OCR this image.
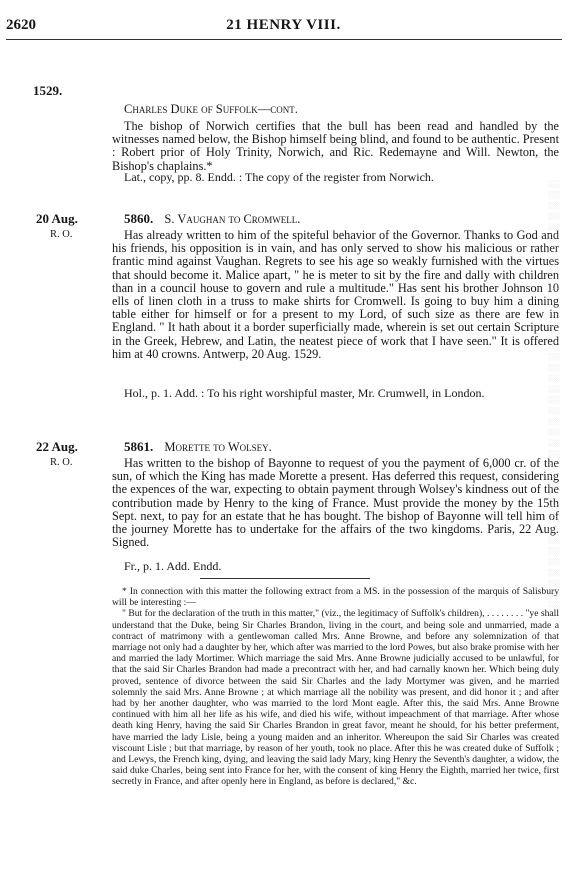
2620	21 HENRY VIII.
1529.
Charles Duke of Suffolk—cont.
The bishop of Norwich certifies that the bull has been read and handled by the witnesses named below, the Bishop himself being blind, and found to be authentic. Present : Robert prior of Holy Trinity, Norwich, and Ric. Redemayne and Will. Newton, the Bishop's chaplains.*
Lat., copy, pp. 8. Endd. : The copy of the register from Norwich.
20 Aug.
R. O.
5860. S. Vaughan to Cromwell.
Has already written to him of the spiteful behavior of the Governor. Thanks to God and his friends, his opposition is in vain, and has only served to show his malicious or rather frantic mind against Vaughan. Regrets to see his age so weakly furnished with the virtues that should become it. Malice apart, " he is meter to sit by the fire and dally with children than in a council house to govern and rule a multitude." Has sent his brother Johnson 10 ells of linen cloth in a truss to make shirts for Cromwell. Is going to buy him a dining table either for himself or for a present to my Lord, of such size as there are few in England. " It hath about it a border superficially made, wherein is set out certain Scripture in the Greek, Hebrew, and Latin, the neatest piece of work that I have seen." It is offered him at 40 crowns. Antwerp, 20 Aug. 1529.
Hol., p. 1. Add. : To his right worshipful master, Mr. Crumwell, in London.
22 Aug.
R. O.
5861. Morette to Wolsey.
Has written to the bishop of Bayonne to request of you the payment of 6,000 cr. of the sun, of which the King has made Morette a present. Has deferred this request, considering the expences of the war, expecting to obtain payment through Wolsey's kindness out of the contribution made by Henry to the king of France. Must provide the money by the 15th Sept. next, to pay for an estate that he has bought. The bishop of Bayonne will tell him of the journey Morette has to undertake for the affairs of the two kingdoms. Paris, 22 Aug. Signed.
Fr., p. 1. Add. Endd.

* In connection with this matter the following extract from a MS. in the possession of the marquis of Salisbury will be interesting :—

" But for the declaration of the truth in this matter," (viz., the legitimacy of Suffolk's children), . . . . . . . . "ye shall understand that the Duke, being Sir Charles Brandon, living in the court, and being sole and unmarried, made a contract of matrimony with a gentlewoman called Mrs. Anne Browne, and before any solemnization of that marriage not only had a daughter by her, which after was married to the lord Powes, but also brake promise with her and married the lady Mortimer. Which marriage the said Mrs. Anne Browne judicially accused to be unlawful, for that the said Sir Charles Brandon had made a precontract with her, and had carnally known her. Which being duly proved, sentence of divorce between the said Sir Charles and the lady Mortymer was given, and he married solemnly the said Mrs. Anne Browne ; at which marriage all the nobility was present, and did honor it ; and after had by her another daughter, who was married to the lord Mont eagle. After this, the said Mrs. Anne Browne continued with him all her life as his wife, and died his wife, without impeachment of that marriage. After whose death king Henry, having the said Sir Charles Brandon in great favor, meant he should, for his better preferment, have married the lady Lisle, being a young maiden and an inheritor. Whereupon the said Sir Charles was created viscount Lisle ; but that marriage, by reason of her youth, took no place. After this he was created duke of Suffolk ; and Lewys, the French king, dying, and leaving the said lady Mary, king Henry the Seventh's daughter, a widow, the said duke Charles, being sent into France for her, with the consent of king Henry the Eighth, married her twice, first secretly in France, and after openly here in England, as before is declared," &c.

░░░░░░░░░░░░░░░░░░░░░░░░░░░░░░░░░░░░░░░░
